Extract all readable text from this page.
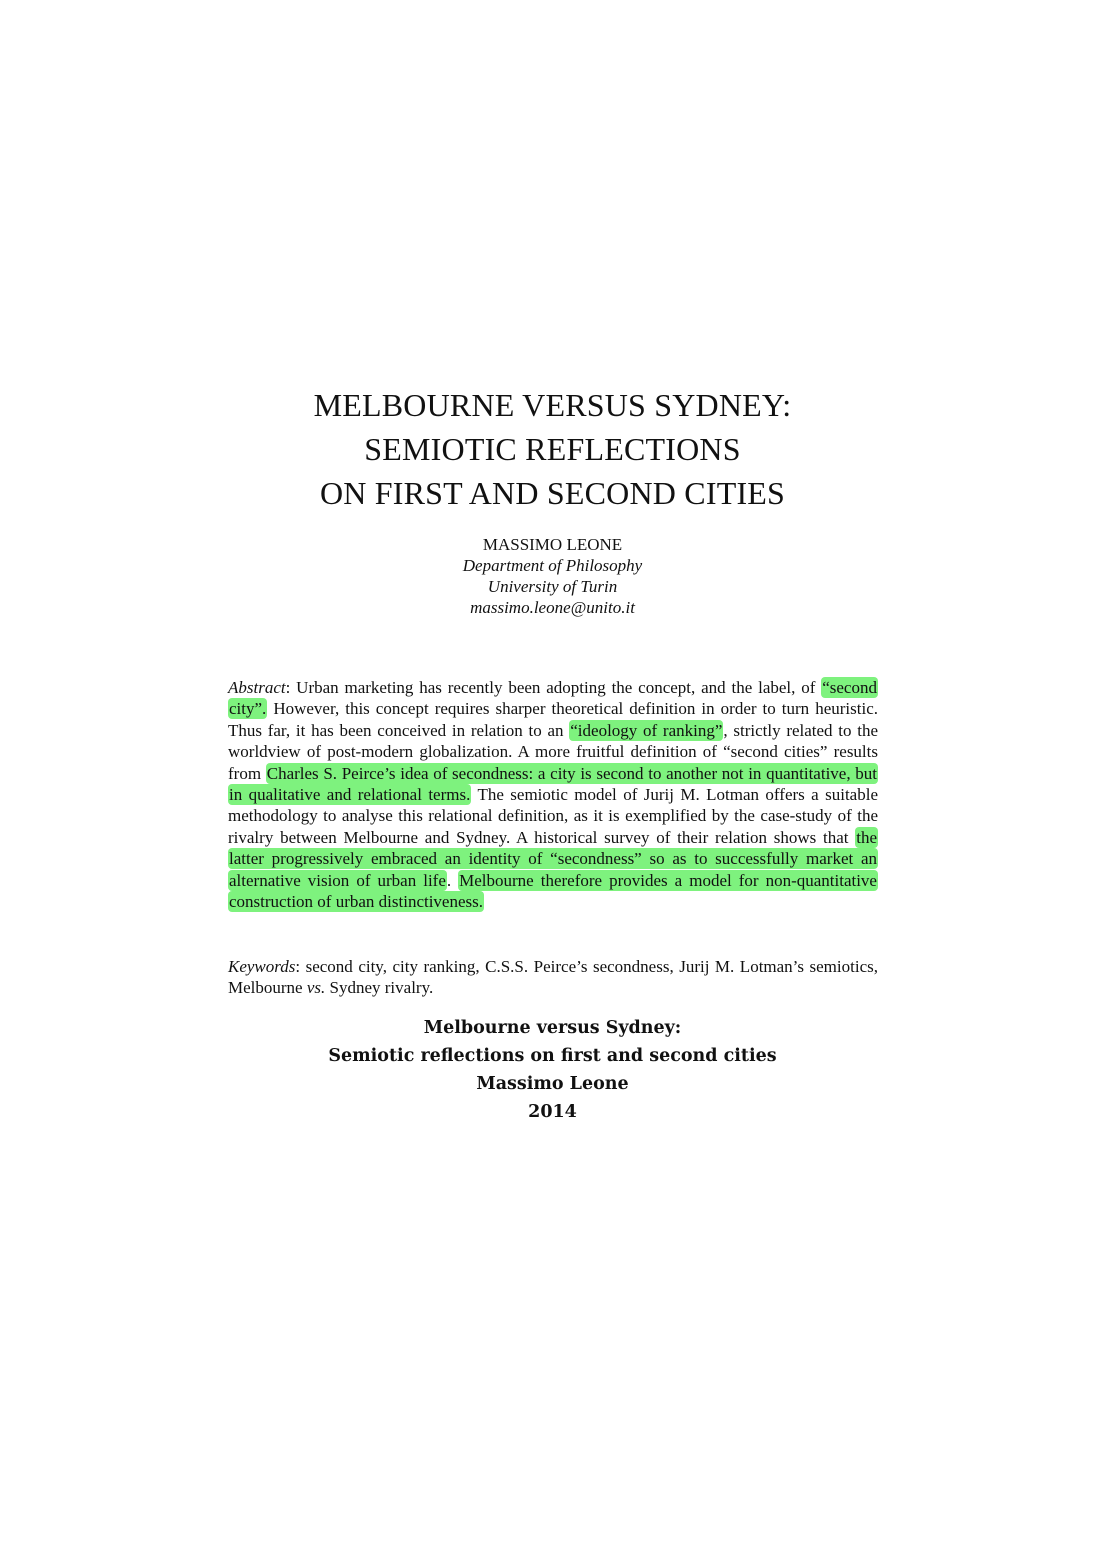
MELBOURNE VERSUS SYDNEY:
SEMIOTIC REFLECTIONS
ON FIRST AND SECOND CITIES
MASSIMO LEONE
Department of Philosophy
University of Turin
massimo.leone@unito.it

Abstract: Urban marketing has recently been adopting the concept, and the label, of “second city”. However, this concept requires sharper theoretical definition in order to turn heuristic. Thus far, it has been conceived in relation to an “ideology of ranking”, strictly related to the worldview of post-modern globalization. A more fruitful definition of “second cities” results from Charles S. Peirce’s idea of secondness: a city is second to another not in quantitative, but in qualitative and relational terms. The semiotic model of Jurij M. Lotman offers a suitable methodology to analyse this relational definition, as it is exemplified by the case-study of the rivalry between Melbourne and Sydney. A historical survey of their relation shows that the latter progressively embraced an identity of “secondness” so as to successfully market an alternative vision of urban life. Melbourne therefore provides a model for non-quantitative construction of urban distinctiveness.

Keywords: second city, city ranking, C.S.S. Peirce’s secondness, Jurij M. Lotman’s semiotics, Melbourne vs. Sydney rivalry.

Melbourne versus Sydney:
Semiotic reflections on first and second cities
Massimo Leone
2014
